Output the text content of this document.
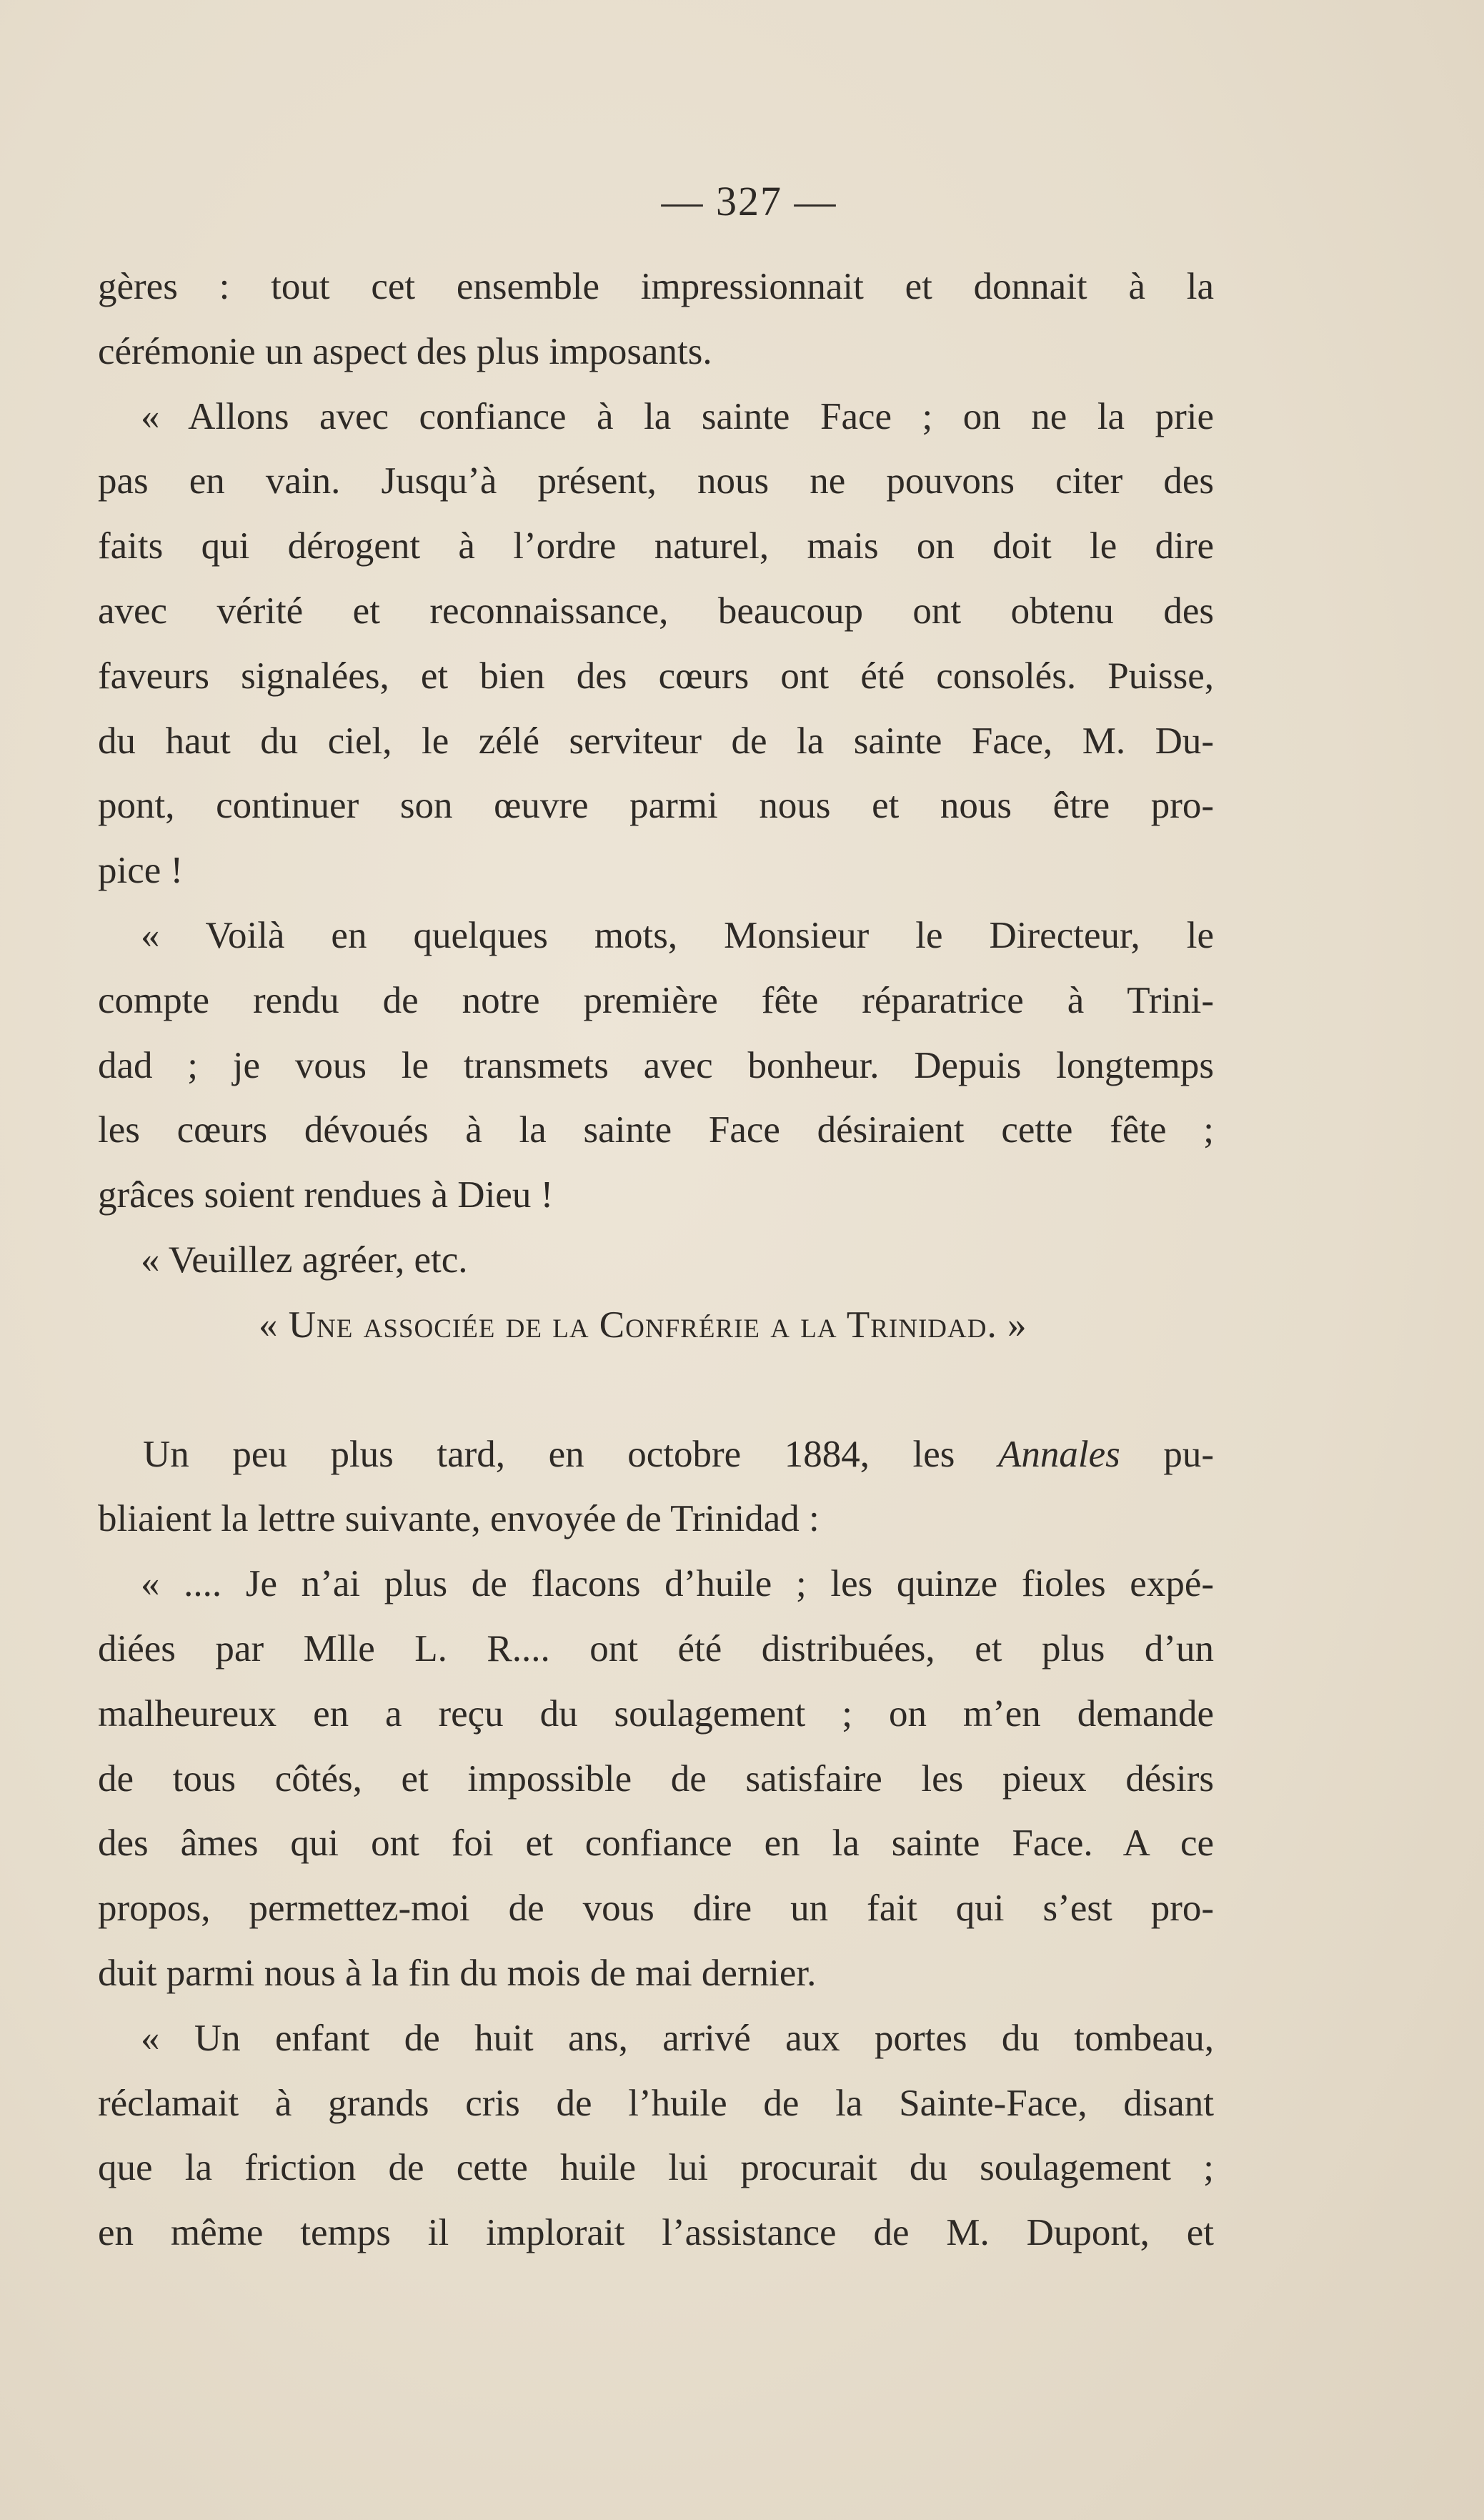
— 327 —
gères : tout cet ensemble impressionnait et donnait à la
cérémonie un aspect des plus imposants.
« Allons avec confiance à la sainte Face ; on ne la prie
pas en vain. Jusqu’à présent, nous ne pouvons citer des
faits qui dérogent à l’ordre naturel, mais on doit le dire
avec vérité et reconnaissance, beaucoup ont obtenu des
faveurs signalées, et bien des cœurs ont été consolés. Puisse,
du haut du ciel, le zélé serviteur de la sainte Face, M. Du-
pont, continuer son œuvre parmi nous et nous être pro-
pice !
« Voilà en quelques mots, Monsieur le Directeur, le
compte rendu de notre première fête réparatrice à Trini-
dad ; je vous le transmets avec bonheur. Depuis longtemps
les cœurs dévoués à la sainte Face désiraient cette fête ;
grâces soient rendues à Dieu !
« Veuillez agréer, etc.
« Une associée de la Confrérie a la Trinidad. »
Un peu plus tard, en octobre 1884, les Annales pu-
bliaient la lettre suivante, envoyée de Trinidad :
« .... Je n’ai plus de flacons d’huile ; les quinze fioles expé-
diées par Mlle L. R.... ont été distribuées, et plus d’un
malheureux en a reçu du soulagement ; on m’en demande
de tous côtés, et impossible de satisfaire les pieux désirs
des âmes qui ont foi et confiance en la sainte Face. A ce
propos, permettez-moi de vous dire un fait qui s’est pro-
duit parmi nous à la fin du mois de mai dernier.
« Un enfant de huit ans, arrivé aux portes du tombeau,
réclamait à grands cris de l’huile de la Sainte-Face, disant
que la friction de cette huile lui procurait du soulagement ;
en même temps il implorait l’assistance de M. Dupont, et
